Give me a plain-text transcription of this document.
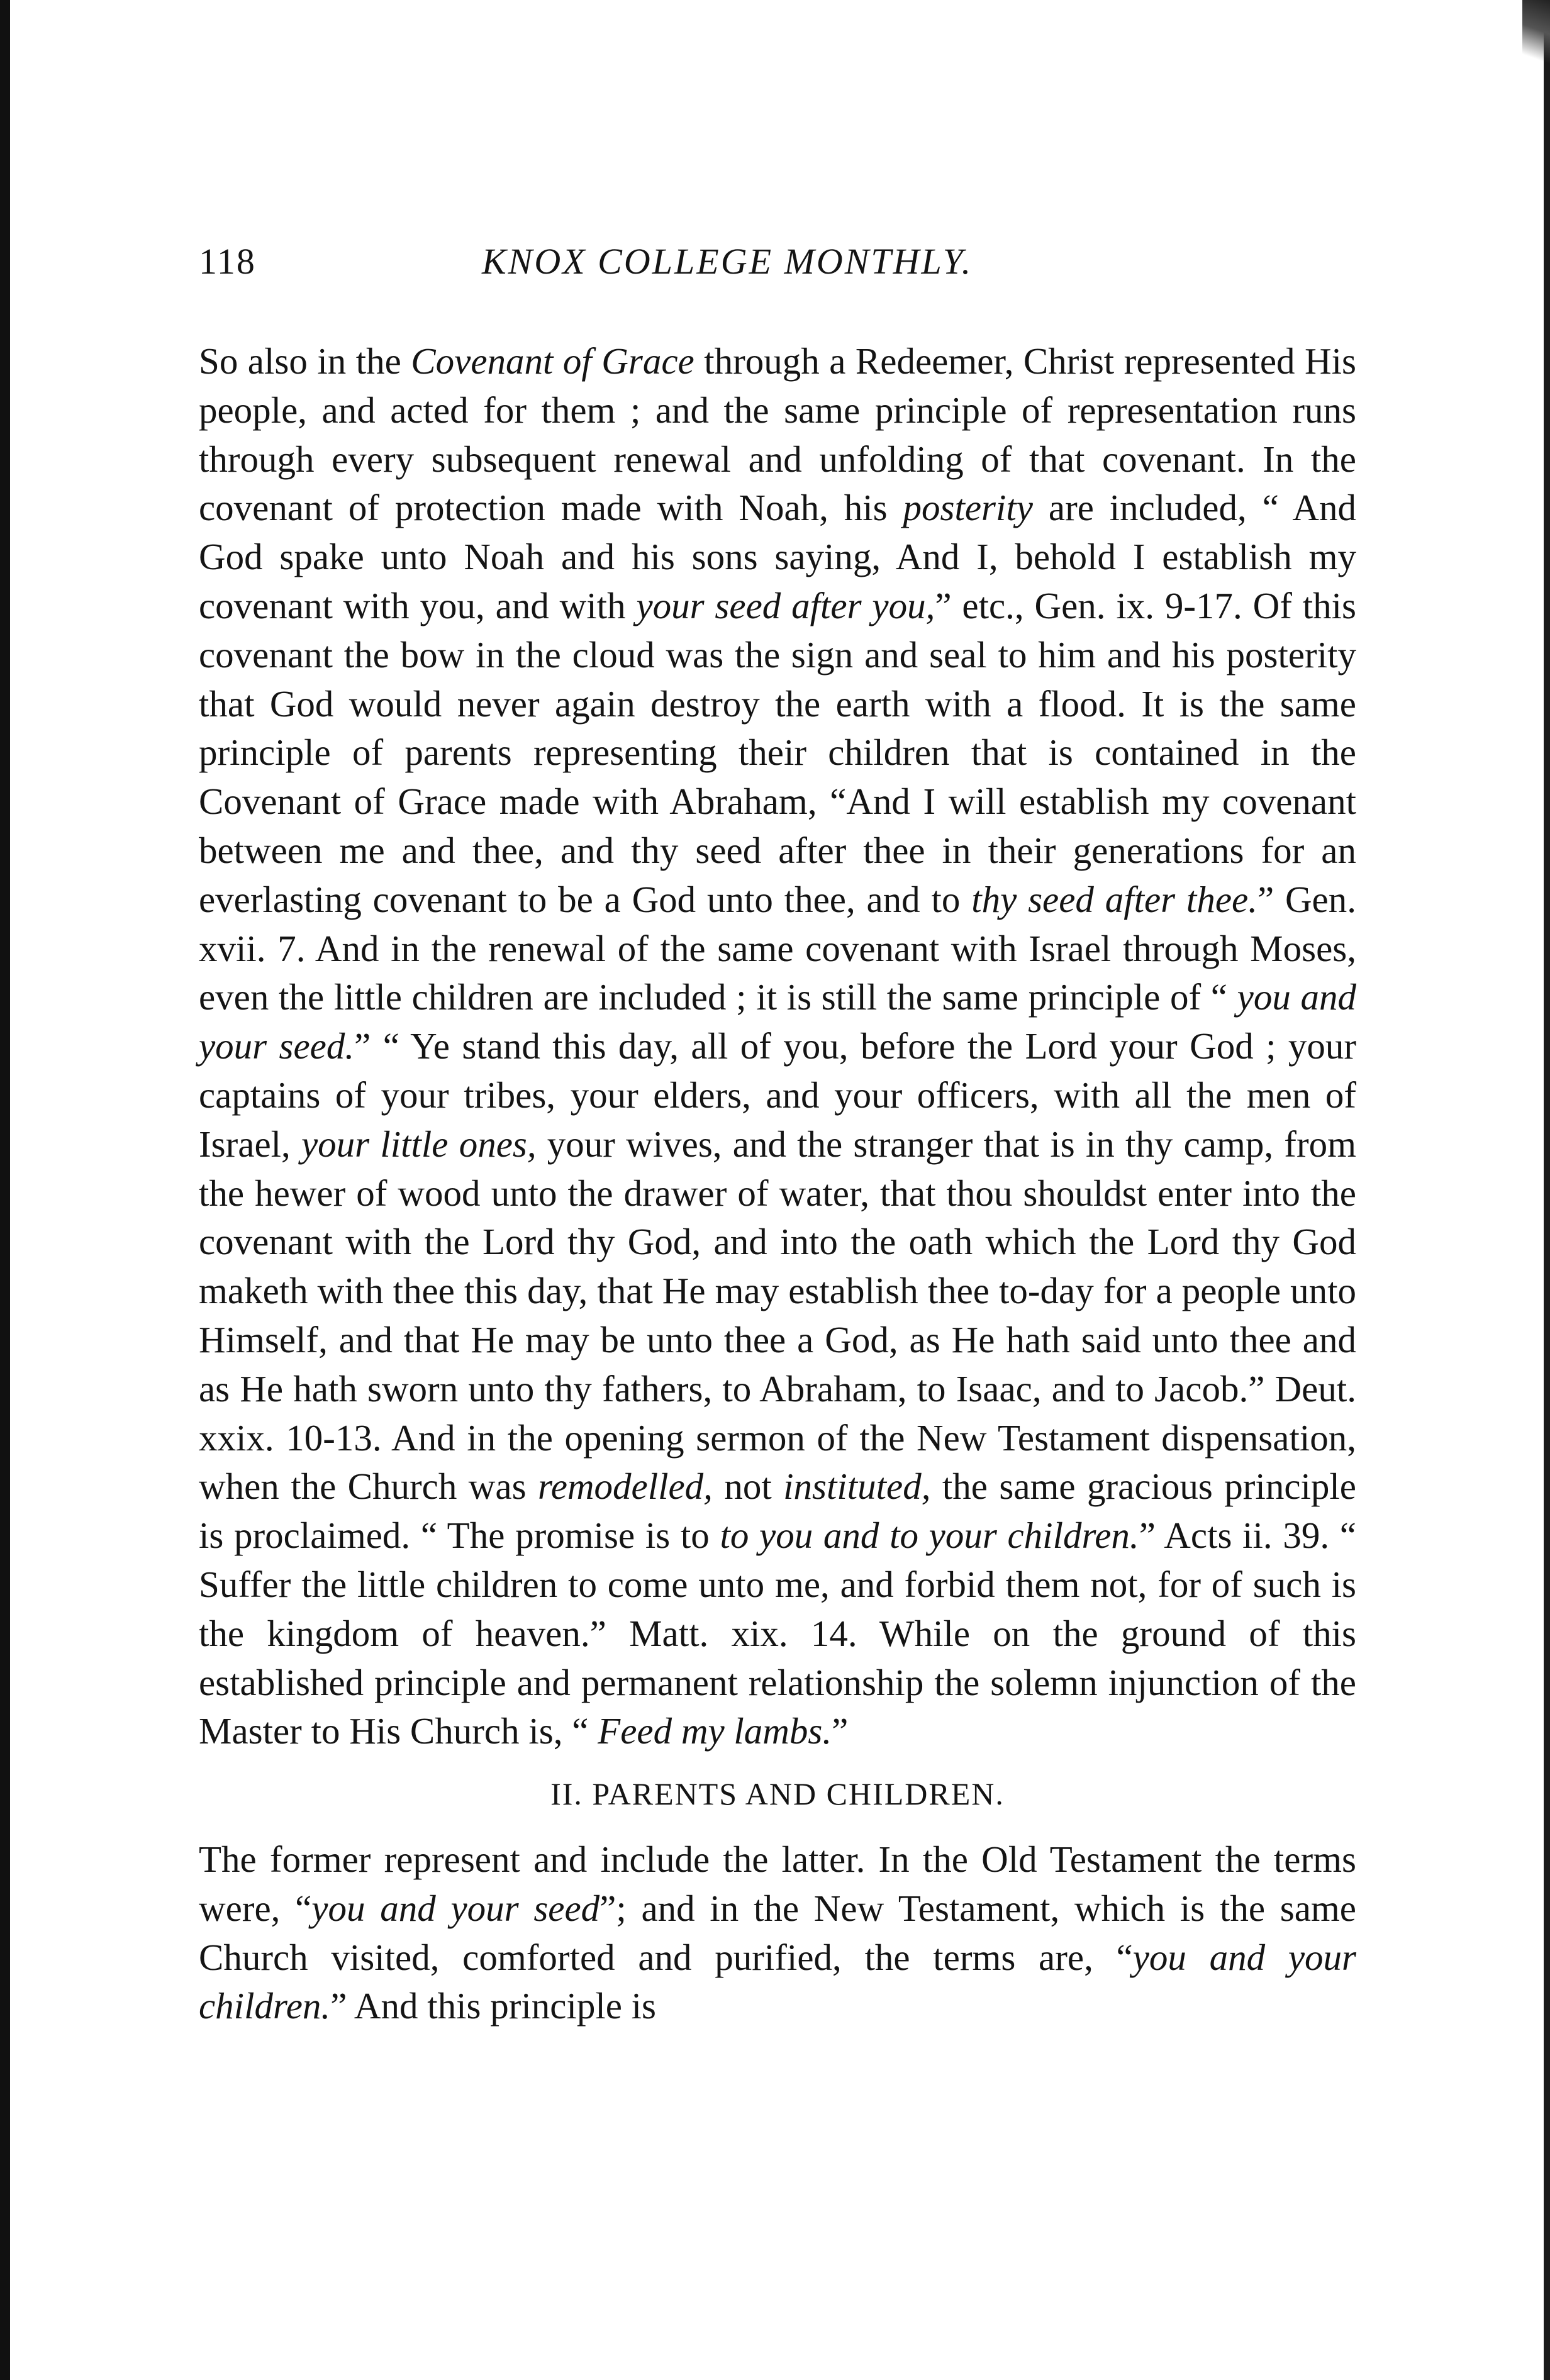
118	KNOX COLLEGE MONTHLY.

So also in the Covenant of Grace through a Redeemer, Christ represented His people, and acted for them ; and the same principle of representation runs through every subsequent renewal and unfolding of that covenant. In the covenant of protection made with Noah, his posterity are included, “ And God spake unto Noah and his sons saying, And I, behold I establish my covenant with you, and with your seed after you,” etc., Gen. ix. 9-17. Of this covenant the bow in the cloud was the sign and seal to him and his posterity that God would never again destroy the earth with a flood. It is the same principle of parents representing their children that is contained in the Covenant of Grace made with Abraham, “And I will establish my covenant between me and thee, and thy seed after thee in their generations for an everlasting covenant to be a God unto thee, and to thy seed after thee.” Gen. xvii. 7. And in the renewal of the same covenant with Israel through Moses, even the little children are included ; it is still the same principle of “ you and your seed.” “ Ye stand this day, all of you, before the Lord your God ; your captains of your tribes, your elders, and your officers, with all the men of Israel, your little ones, your wives, and the stranger that is in thy camp, from the hewer of wood unto the drawer of water, that thou shouldst enter into the covenant with the Lord thy God, and into the oath which the Lord thy God maketh with thee this day, that He may establish thee to-day for a people unto Himself, and that He may be unto thee a God, as He hath said unto thee and as He hath sworn unto thy fathers, to Abraham, to Isaac, and to Jacob.” Deut. xxix. 10-13. And in the opening sermon of the New Testament dispensation, when the Church was remodelled, not instituted, the same gracious principle is proclaimed. “ The promise is to to you and to your children.” Acts ii. 39. “ Suffer the little children to come unto me, and forbid them not, for of such is the kingdom of heaven.” Matt. xix. 14. While on the ground of this established principle and permanent relationship the solemn injunction of the Master to His Church is, “ Feed my lambs.”

II. PARENTS AND CHILDREN.

The former represent and include the latter. In the Old Testament the terms were, “you and your seed”; and in the New Testament, which is the same Church visited, comforted and purified, the terms are, “you and your children.” And this principle is
